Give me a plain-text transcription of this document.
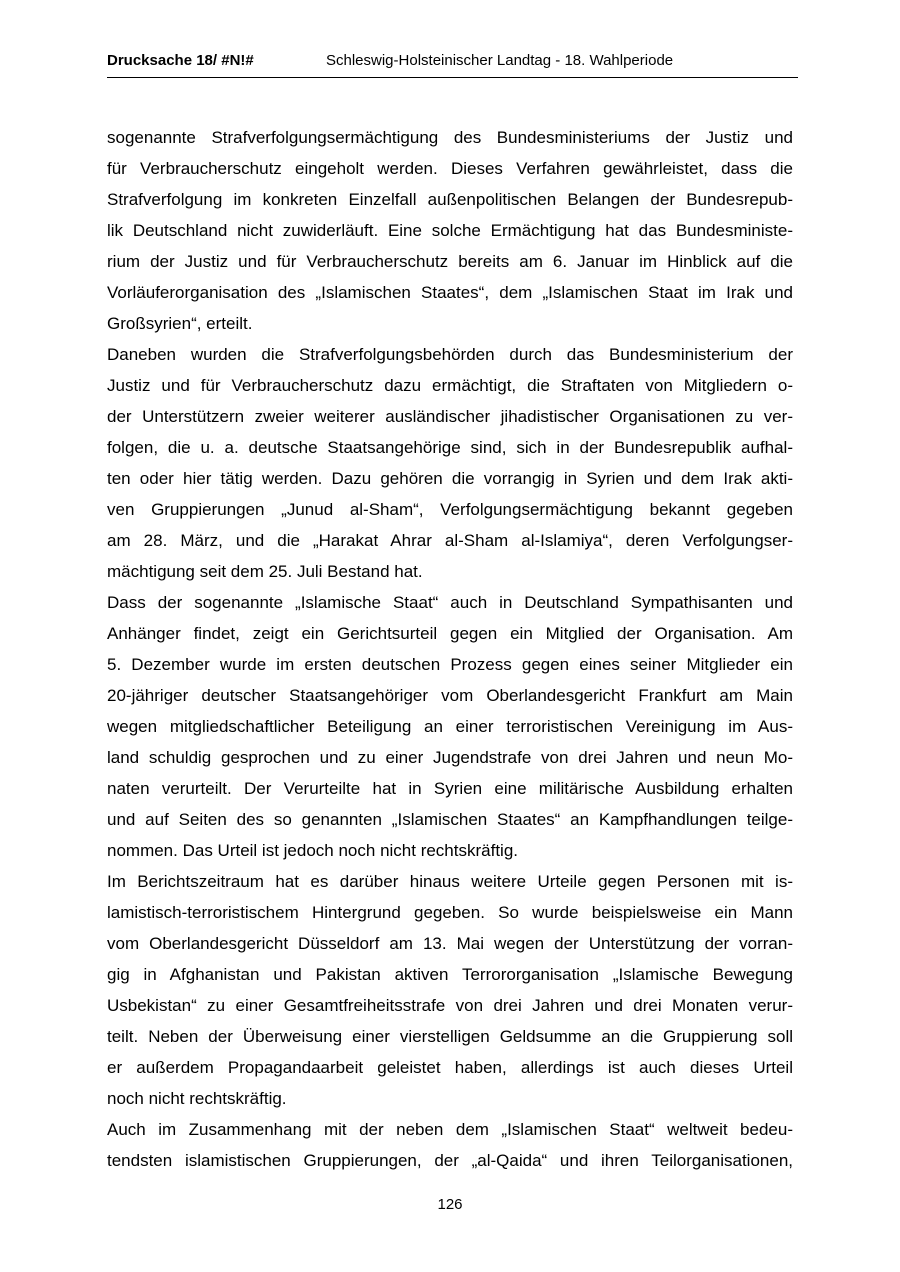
Drucksache 18/ #N!#	Schleswig-Holsteinischer Landtag - 18. Wahlperiode
sogenannte Strafverfolgungsermächtigung des Bundesministeriums der Justiz und
für Verbraucherschutz eingeholt werden. Dieses Verfahren gewährleistet, dass die
Strafverfolgung im konkreten Einzelfall außenpolitischen Belangen der Bundesrepub-
lik Deutschland nicht zuwiderläuft. Eine solche Ermächtigung hat das Bundesministe-
rium der Justiz und für Verbraucherschutz bereits am 6. Januar im Hinblick auf die
Vorläuferorganisation des „Islamischen Staates“, dem „Islamischen Staat im Irak und
Großsyrien“, erteilt.
Daneben wurden die Strafverfolgungsbehörden durch das Bundesministerium der
Justiz und für Verbraucherschutz dazu ermächtigt, die Straftaten von Mitgliedern o-
der Unterstützern zweier weiterer ausländischer jihadistischer Organisationen zu ver-
folgen, die u. a. deutsche Staatsangehörige sind, sich in der Bundesrepublik aufhal-
ten oder hier tätig werden. Dazu gehören die vorrangig in Syrien und dem Irak akti-
ven Gruppierungen „Junud al-Sham“, Verfolgungsermächtigung bekannt gegeben
am 28. März, und die „Harakat Ahrar al-Sham al-Islamiya“, deren Verfolgungser-
mächtigung seit dem 25. Juli Bestand hat.
Dass der sogenannte „Islamische Staat“ auch in Deutschland Sympathisanten und
Anhänger findet, zeigt ein Gerichtsurteil gegen ein Mitglied der Organisation. Am
5. Dezember wurde im ersten deutschen Prozess gegen eines seiner Mitglieder ein
20-jähriger deutscher Staatsangehöriger vom Oberlandesgericht Frankfurt am Main
wegen mitgliedschaftlicher Beteiligung an einer terroristischen Vereinigung im Aus-
land schuldig gesprochen und zu einer Jugendstrafe von drei Jahren und neun Mo-
naten verurteilt. Der Verurteilte hat in Syrien eine militärische Ausbildung erhalten
und auf Seiten des so genannten „Islamischen Staates“ an Kampfhandlungen teilge-
nommen. Das Urteil ist jedoch noch nicht rechtskräftig.
Im Berichtszeitraum hat es darüber hinaus weitere Urteile gegen Personen mit is-
lamistisch-terroristischem Hintergrund gegeben. So wurde beispielsweise ein Mann
vom Oberlandesgericht Düsseldorf am 13. Mai wegen der Unterstützung der vorran-
gig in Afghanistan und Pakistan aktiven Terrororganisation „Islamische Bewegung
Usbekistan“ zu einer Gesamtfreiheitsstrafe von drei Jahren und drei Monaten verur-
teilt. Neben der Überweisung einer vierstelligen Geldsumme an die Gruppierung soll
er außerdem Propagandaarbeit geleistet haben, allerdings ist auch dieses Urteil
noch nicht rechtskräftig.
Auch im Zusammenhang mit der neben dem „Islamischen Staat“ weltweit bedeu-
tendsten islamistischen Gruppierungen, der „al-Qaida“ und ihren Teilorganisationen,
126
